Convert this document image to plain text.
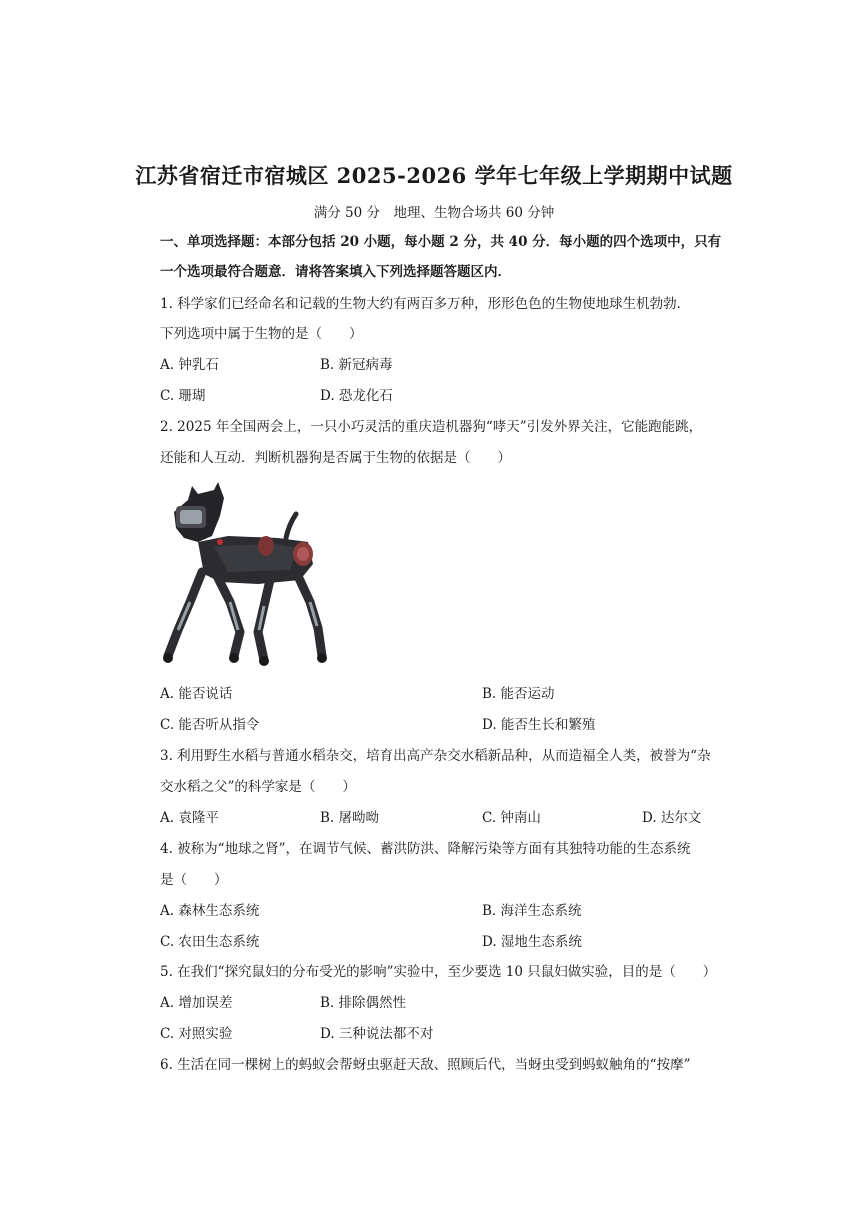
江苏省宿迁市宿城区 2025-2026 学年七年级上学期期中试题
满分 50 分　地理、生物合场共 60 分钟
一、单项选择题：本部分包括 20 小题，每小题 2 分，共 40 分．每小题的四个选项中，只有
一个选项最符合题意．请将答案填入下列选择题答题区内．
1. 科学家们已经命名和记载的生物大约有两百多万种，形形色色的生物使地球生机勃勃．
下列选项中属于生物的是（　　）
A. 钟乳石	B. 新冠病毒
C. 珊瑚	D. 恐龙化石
2. 2025 年全国两会上，一只小巧灵活的重庆造机器狗“哮天”引发外界关注，它能跑能跳，
还能和人互动．判断机器狗是否属于生物的依据是（　　）
A. 能否说话	B. 能否运动
C. 能否听从指令	D. 能否生长和繁殖
3. 利用野生水稻与普通水稻杂交，培育出高产杂交水稻新品种，从而造福全人类，被誉为“杂
交水稻之父”的科学家是（　　）
A. 袁隆平	B. 屠呦呦	C. 钟南山	D. 达尔文
4. 被称为“地球之肾”，在调节气候、蓄洪防洪、降解污染等方面有其独特功能的生态系统
是（　　）
A. 森林生态系统	B. 海洋生态系统
C. 农田生态系统	D. 湿地生态系统
5. 在我们“探究鼠妇的分布受光的影响”实验中，至少要选 10 只鼠妇做实验，目的是（　　）
A. 增加误差	B. 排除偶然性
C. 对照实验	D. 三种说法都不对
6. 生活在同一棵树上的蚂蚁会帮蚜虫驱赶天敌、照顾后代，当蚜虫受到蚂蚁触角的“按摩”
